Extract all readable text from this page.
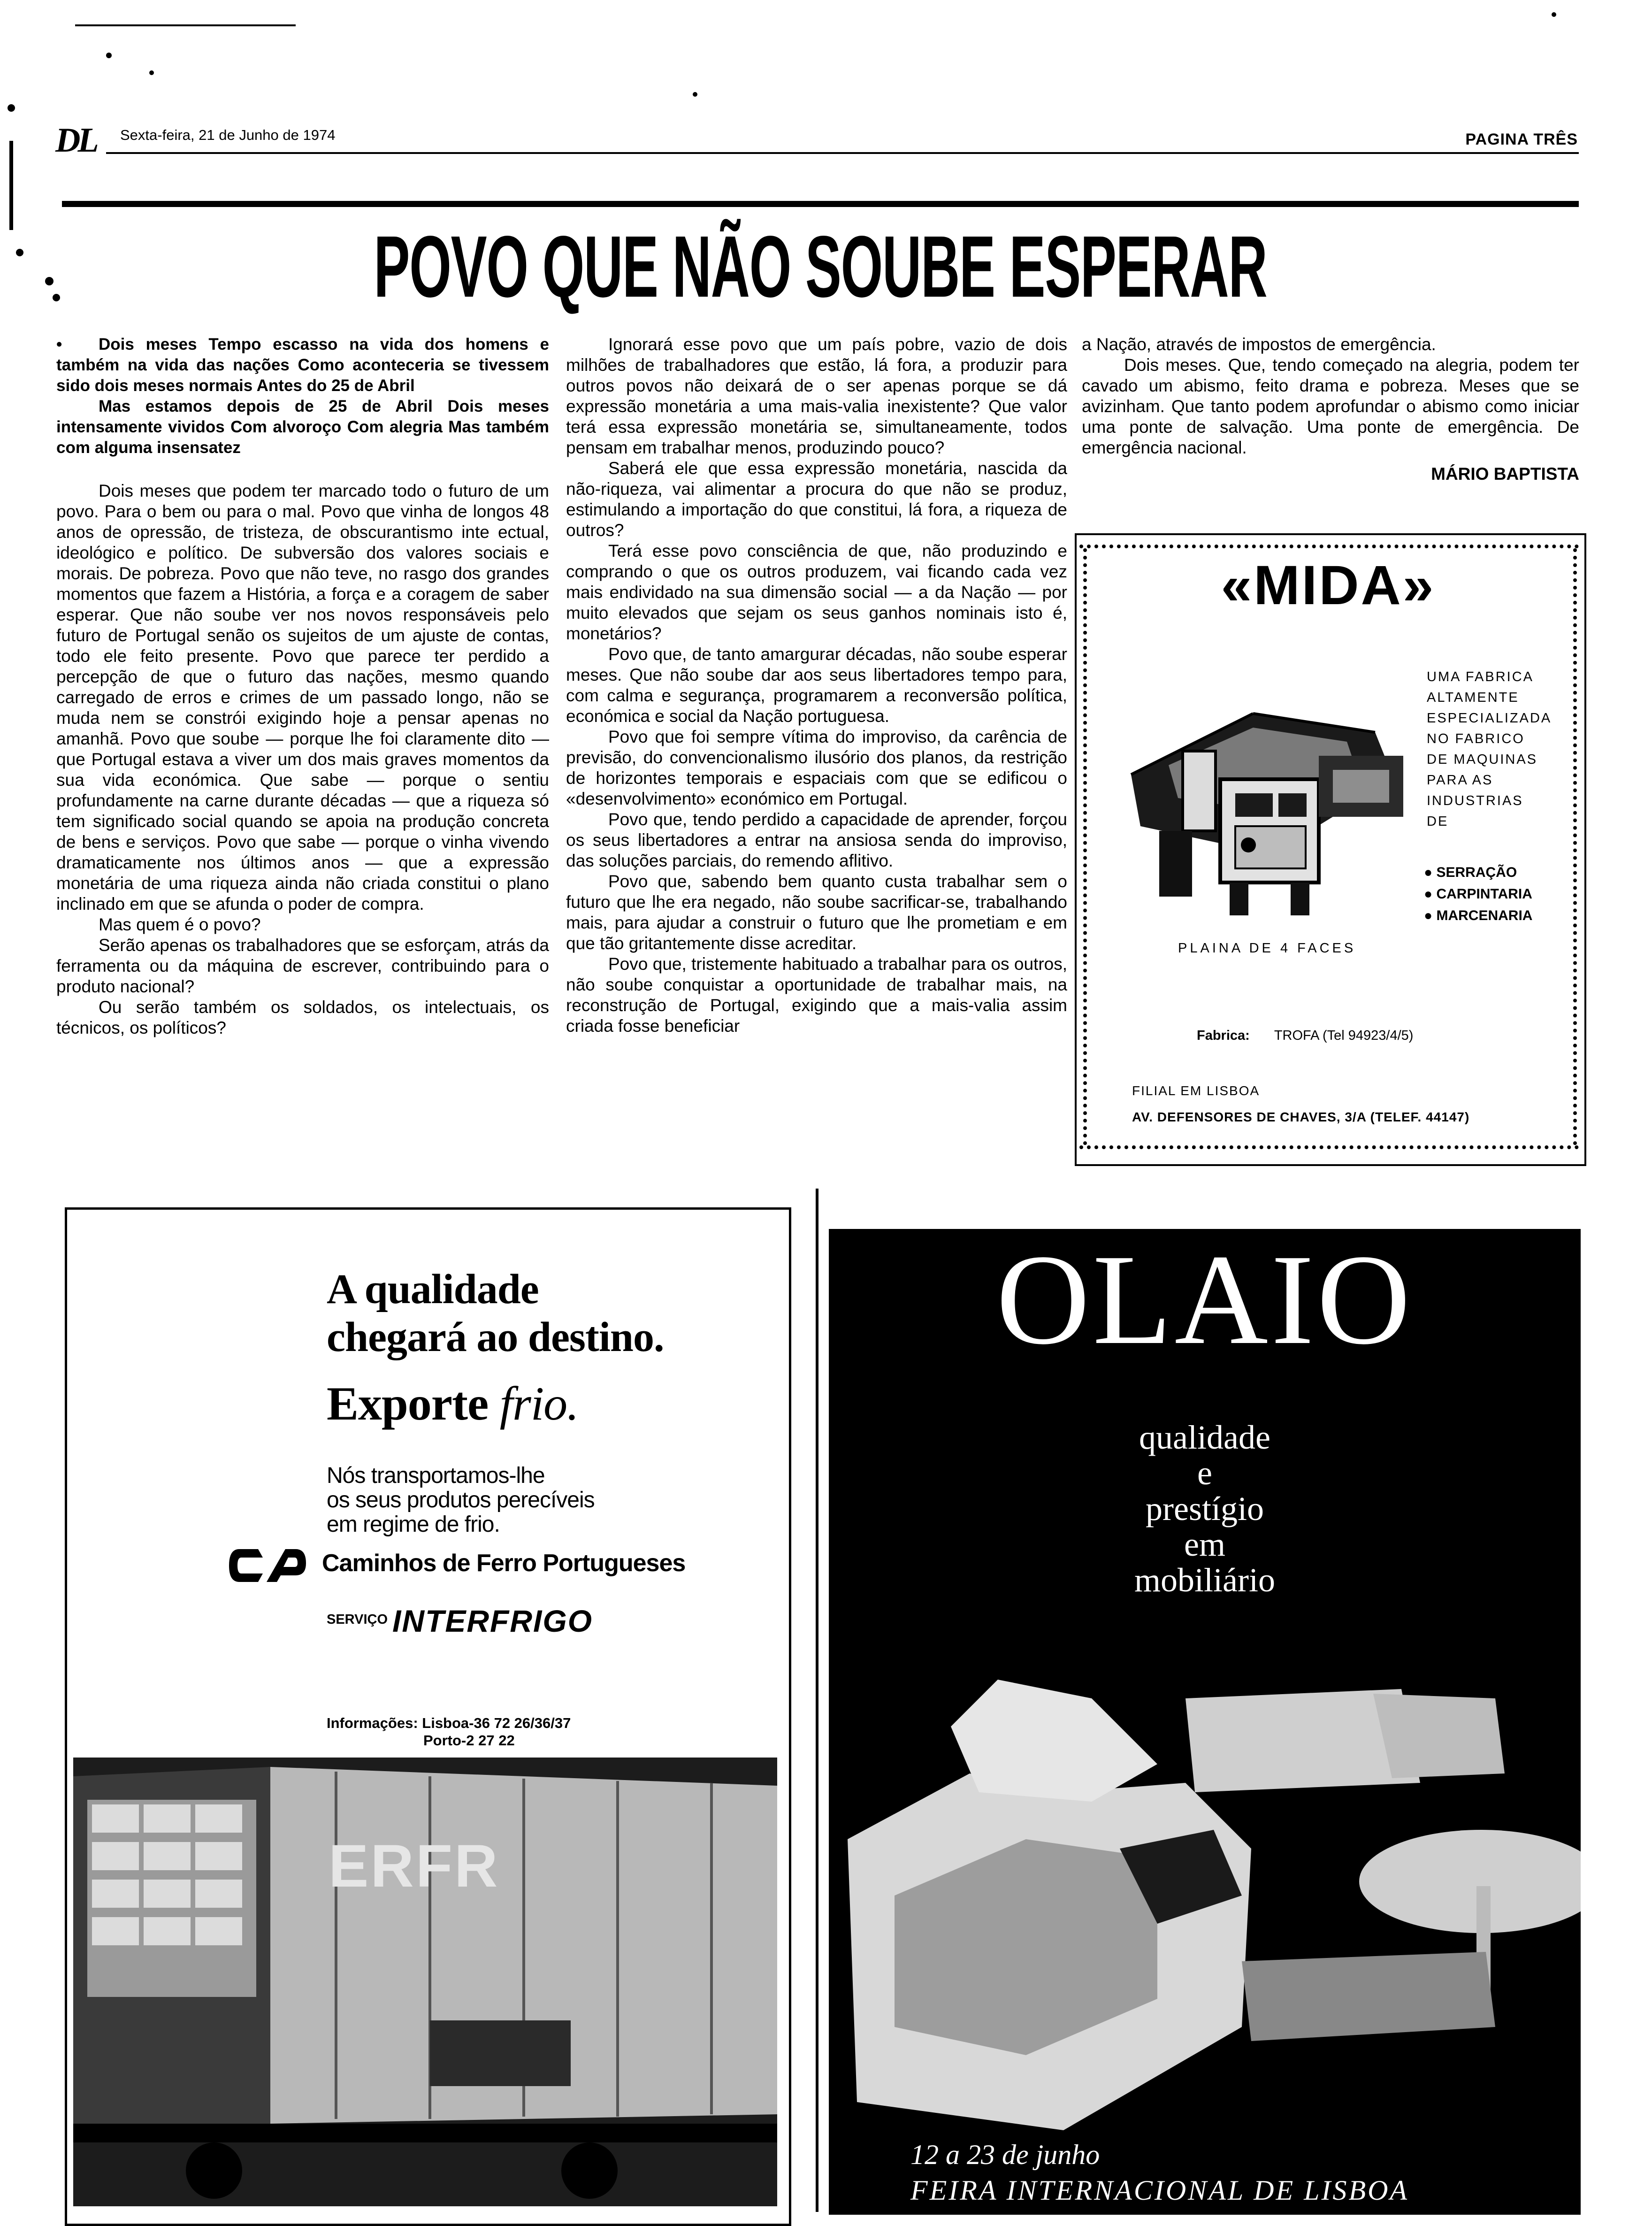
DL Sexta-feira, 21 de Junho de 1974	PAGINA TRÊS
POVO QUE NÃO SOUBE ESPERAR

• Dois meses Tempo escasso na vida dos homens e também na vida das nações Como aconteceria se tivessem sido dois meses normais Antes do 25 de Abril

Mas estamos depois de 25 de Abril Dois meses intensamente vividos Com alvoroço Com alegria Mas também com alguma insensatez

Dois meses que podem ter marcado todo o futuro de um povo. Para o bem ou para o mal. Povo que vinha de longos 48 anos de opressão, de tristeza, de obscurantismo inte ectual, ideológico e político. De subversão dos valores sociais e morais. De pobreza. Povo que não teve, no rasgo dos grandes momentos que fazem a História, a força e a coragem de saber esperar. Que não soube ver nos novos responsáveis pelo futuro de Portugal senão os sujeitos de um ajuste de contas, todo ele feito presente. Povo que parece ter perdido a percepção de que o futuro das nações, mesmo quando carregado de erros e crimes de um passado longo, não se muda nem se constrói exigindo hoje a pensar apenas no amanhã. Povo que soube — porque lhe foi claramente dito — que Portugal estava a viver um dos mais graves momentos da sua vida económica. Que sabe — porque o sentiu profundamente na carne durante décadas — que a riqueza só tem significado social quando se apoia na produção concreta de bens e serviços. Povo que sabe — porque o vinha vivendo dramaticamente nos últimos anos — que a expressão monetária de uma riqueza ainda não criada constitui o plano inclinado em que se afunda o poder de compra.

Mas quem é o povo?

Serão apenas os trabalhadores que se esforçam, atrás da ferramenta ou da máquina de escrever, contribuindo para o produto nacional?

Ou serão também os soldados, os intelectuais, os técnicos, os políticos?

Ignorará esse povo que um país pobre, vazio de dois milhões de trabalhadores que estão, lá fora, a produzir para outros povos não deixará de o ser apenas porque se dá expressão monetária a uma mais-valia inexistente? Que valor terá essa expressão monetária se, simultaneamente, todos pensam em trabalhar menos, produzindo pouco?

Saberá ele que essa expressão monetária, nascida da não-riqueza, vai alimentar a procura do que não se produz, estimulando a importação do que constitui, lá fora, a riqueza de outros?

Terá esse povo consciência de que, não produzindo e comprando o que os outros produzem, vai ficando cada vez mais endividado na sua dimensão social — a da Nação — por muito elevados que sejam os seus ganhos nominais isto é, monetários?

Povo que, de tanto amargurar décadas, não soube esperar meses. Que não soube dar aos seus libertadores tempo para, com calma e segurança, programarem a reconversão política, económica e social da Nação portuguesa.

Povo que foi sempre vítima do improviso, da carência de previsão, do convencionalismo ilusório dos planos, da restrição de horizontes temporais e espaciais com que se edificou o «desenvolvimento» económico em Portugal.

Povo que, tendo perdido a capacidade de aprender, forçou os seus libertadores a entrar na ansiosa senda do improviso, das soluções parciais, do remendo aflitivo.

Povo que, sabendo bem quanto custa trabalhar sem o futuro que lhe era negado, não soube sacrificar-se, trabalhando mais, para ajudar a construir o futuro que lhe prometiam e em que tão gritantemente disse acreditar.

Povo que, tristemente habituado a trabalhar para os outros, não soube conquistar a oportunidade de trabalhar mais, na reconstrução de Portugal, exigindo que a mais-valia assim criada fosse beneficiar

a Nação, através de impostos de emergência.

Dois meses. Que, tendo começado na alegria, podem ter cavado um abismo, feito drama e pobreza. Meses que se avizinham. Que tanto podem aprofundar o abismo como iniciar uma ponte de salvação. Uma ponte de emergência. De emergência nacional.

MÁRIO BAPTISTA
«MIDA»
UMA FABRICA
ALTAMENTE
ESPECIALIZADA
NO FABRICO
DE MAQUINAS
PARA AS
INDUSTRIAS
DE
● SERRAÇÃO
● CARPINTARIA
● MARCENARIA
PLAINA DE 4 FACES
Fabrica: TROFA (Tel 94923/4/5)
FILIAL EM LISBOA
AV. DEFENSORES DE CHAVES, 3/A (TELEF. 44147)
A qualidade
chegará ao destino.
Exporte frio.
Nós transportamos-lhe
os seus produtos perecíveis
em regime de frio.
Caminhos de Ferro Portugueses
SERVIÇO INTERFRIGO
Informações: Lisboa-36 72 26/36/37
Porto-2 27 22
ERFR
OLAIO
qualidade
e
prestígio
em
mobiliário
12 a 23 de junho
FEIRA INTERNACIONAL DE LISBOA
